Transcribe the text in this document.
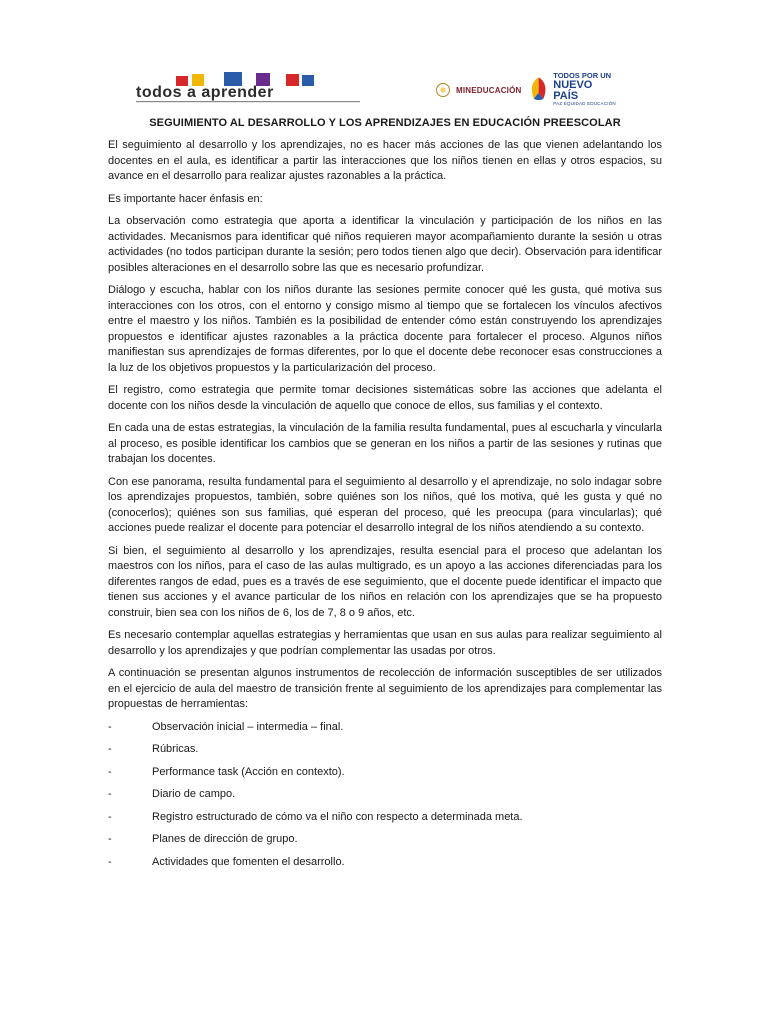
todos a aprender	MINEDUCACIÓN
TODOS POR UN
NUEVO PAÍS
PAZ EQUIDAD EDUCACIÓN
SEGUIMIENTO AL DESARROLLO Y LOS APRENDIZAJES EN EDUCACIÓN PREESCOLAR

El seguimiento al desarrollo y los aprendizajes, no es hacer más acciones de las que vienen adelantando los docentes en el aula, es identificar a partir las interacciones que los niños tienen en ellas y otros espacios, su avance en el desarrollo para realizar ajustes razonables a la práctica.

Es importante hacer énfasis en:

La observación como estrategia que aporta a identificar la vinculación y participación de los niños en las actividades. Mecanismos para identificar qué niños requieren mayor acompañamiento durante la sesión u otras actividades (no todos participan durante la sesión; pero todos tienen algo que decir). Observación para identificar posibles alteraciones en el desarrollo sobre las que es necesario profundizar.

Diálogo y escucha, hablar con los niños durante las sesiones permite conocer qué les gusta, qué motiva sus interacciones con los otros, con el entorno y consigo mismo al tiempo que se fortalecen los vínculos afectivos entre el maestro y los niños. También es la posibilidad de entender cómo están construyendo los aprendizajes propuestos e identificar ajustes razonables a la práctica docente para fortalecer el proceso. Algunos niños manifiestan sus aprendizajes de formas diferentes, por lo que el docente debe reconocer esas construcciones a la luz de los objetivos propuestos y la particularización del proceso.

El registro, como estrategia que permite tomar decisiones sistemáticas sobre las acciones que adelanta el docente con los niños desde la vinculación de aquello que conoce de ellos, sus familias y el contexto.

En cada una de estas estrategias, la vinculación de la familia resulta fundamental, pues al escucharla y vincularla al proceso, es posible identificar los cambios que se generan en los niños a partir de las sesiones y rutinas que trabajan los docentes.

Con ese panorama, resulta fundamental para el seguimiento al desarrollo y el aprendizaje, no solo indagar sobre los aprendizajes propuestos, también, sobre quiénes son los niños, qué los motiva, qué les gusta y qué no (conocerlos); quiénes son sus familias, qué esperan del proceso, qué les preocupa (para vincularlas); qué acciones puede realizar el docente para potenciar el desarrollo integral de los niños atendiendo a su contexto.

Si bien, el seguimiento al desarrollo y los aprendizajes, resulta esencial para el proceso que adelantan los maestros con los niños, para el caso de las aulas multigrado, es un apoyo a las acciones diferenciadas para los diferentes rangos de edad, pues es a través de ese seguimiento, que el docente puede identificar el impacto que tienen sus acciones y el avance particular de los niños en relación con los aprendizajes que se ha propuesto construir, bien sea con los niños de 6, los de 7, 8 o 9 años, etc.

Es necesario contemplar aquellas estrategias y herramientas que usan en sus aulas para realizar seguimiento al desarrollo y los aprendizajes y que podrían complementar las usadas por otros.

A continuación se presentan algunos instrumentos de recolección de información susceptibles de ser utilizados en el ejercicio de aula del maestro de transición frente al seguimiento de los aprendizajes para complementar las propuestas de herramientas:

-	Observación inicial – intermedia – final.
-	Rúbricas.
-	Performance task (Acción en contexto).
-	Diario de campo.
-	Registro estructurado de cómo va el niño con respecto a determinada meta.
-	Planes de dirección de grupo.
-	Actividades que fomenten el desarrollo.
